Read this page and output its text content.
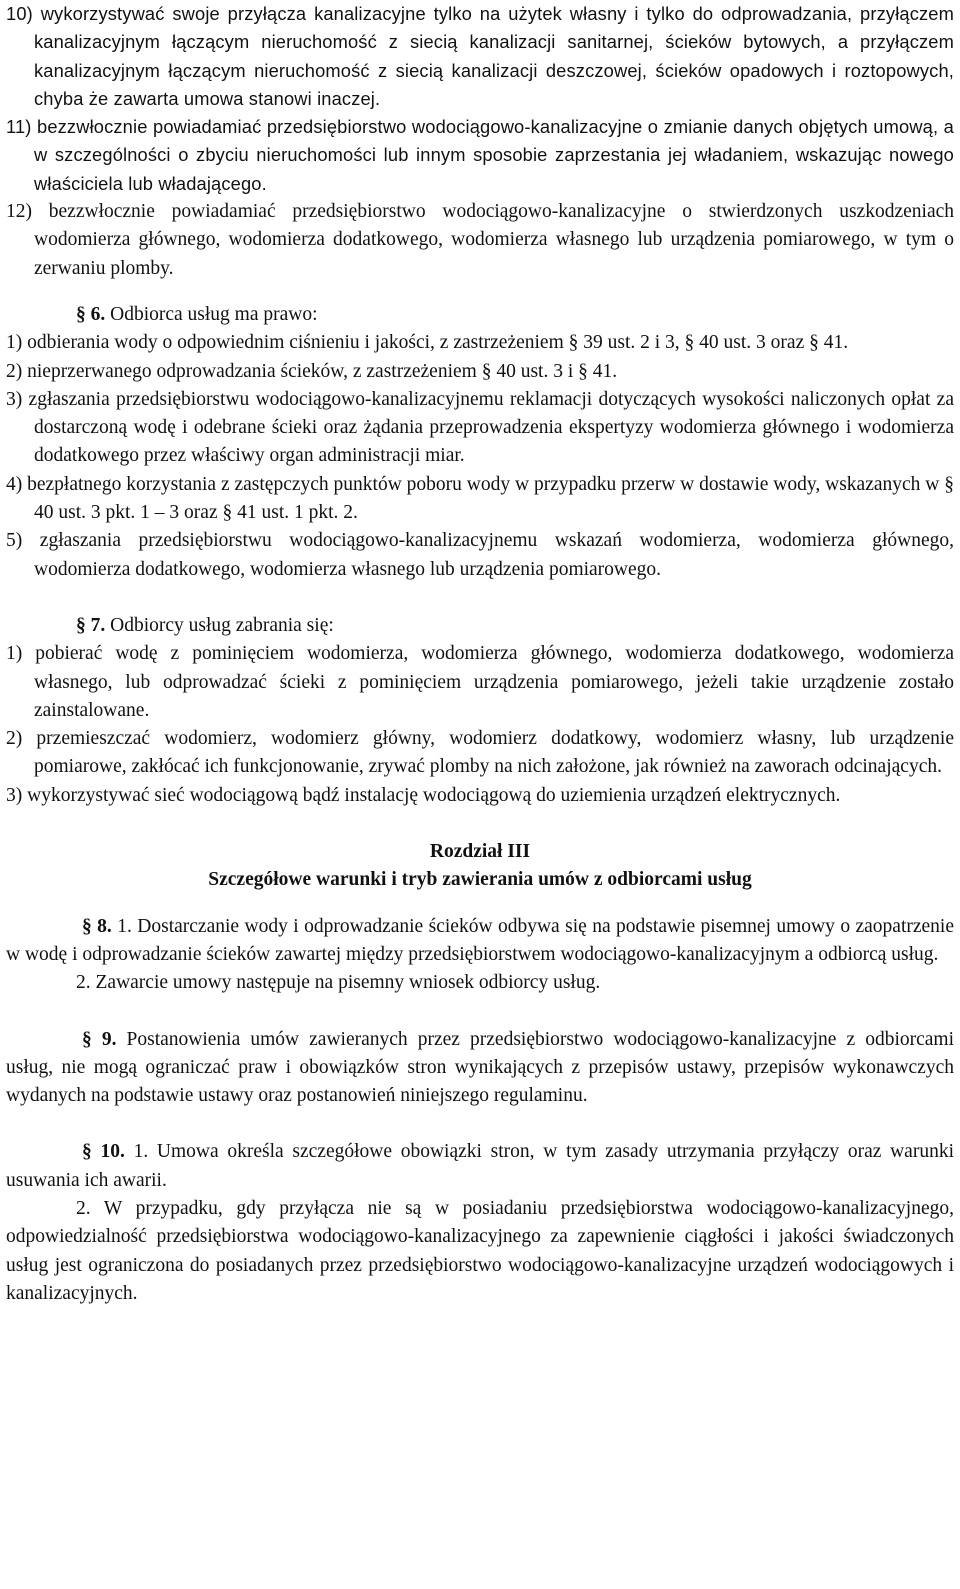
10) wykorzystywać swoje przyłącza kanalizacyjne tylko na użytek własny i tylko do odprowadzania, przyłączem kanalizacyjnym łączącym nieruchomość z siecią kanalizacji sanitarnej, ścieków bytowych, a przyłączem kanalizacyjnym łączącym nieruchomość z siecią kanalizacji deszczowej, ścieków opadowych i roztopowych, chyba że zawarta umowa stanowi inaczej.

11) bezzwłocznie powiadamiać przedsiębiorstwo wodociągowo-kanalizacyjne o zmianie danych objętych umową, a w szczególności o zbyciu nieruchomości lub innym sposobie zaprzestania jej władaniem, wskazując nowego właściciela lub władającego.

12) bezzwłocznie powiadamiać przedsiębiorstwo wodociągowo-kanalizacyjne o stwierdzonych uszkodzeniach wodomierza głównego, wodomierza dodatkowego, wodomierza własnego lub urządzenia pomiarowego, w tym o zerwaniu plomby.

§ 6. Odbiorca usług ma prawo:

1) odbierania wody o odpowiednim ciśnieniu i jakości, z zastrzeżeniem § 39 ust. 2 i 3, § 40 ust. 3 oraz § 41.

2) nieprzerwanego odprowadzania ścieków, z zastrzeżeniem § 40 ust. 3 i § 41.

3) zgłaszania przedsiębiorstwu wodociągowo-kanalizacyjnemu reklamacji dotyczących wysokości naliczonych opłat za dostarczoną wodę i odebrane ścieki oraz żądania przeprowadzenia ekspertyzy wodomierza głównego i wodomierza dodatkowego przez właściwy organ administracji miar.

4) bezpłatnego korzystania z zastępczych punktów poboru wody w przypadku przerw w dostawie wody, wskazanych w § 40 ust. 3 pkt. 1 – 3 oraz § 41 ust. 1 pkt. 2.

5) zgłaszania przedsiębiorstwu wodociągowo-kanalizacyjnemu wskazań wodomierza, wodomierza głównego, wodomierza dodatkowego, wodomierza własnego lub urządzenia pomiarowego.

§ 7. Odbiorcy usług zabrania się:

1) pobierać wodę z pominięciem wodomierza, wodomierza głównego, wodomierza dodatkowego, wodomierza własnego, lub odprowadzać ścieki z pominięciem urządzenia pomiarowego, jeżeli takie urządzenie zostało zainstalowane.

2) przemieszczać wodomierz, wodomierz główny, wodomierz dodatkowy, wodomierz własny, lub urządzenie pomiarowe, zakłócać ich funkcjonowanie, zrywać plomby na nich założone, jak również na zaworach odcinających.

3) wykorzystywać sieć wodociągową bądź instalację wodociągową do uziemienia urządzeń elektrycznych.

Rozdział III

Szczegółowe warunki i tryb zawierania umów z odbiorcami usług

§ 8. 1. Dostarczanie wody i odprowadzanie ścieków odbywa się na podstawie pisemnej umowy o zaopatrzenie w wodę i odprowadzanie ścieków zawartej między przedsiębiorstwem wodociągowo-kanalizacyjnym a odbiorcą usług.

2. Zawarcie umowy następuje na pisemny wniosek odbiorcy usług.

§ 9. Postanowienia umów zawieranych przez przedsiębiorstwo wodociągowo-kanalizacyjne z odbiorcami usług, nie mogą ograniczać praw i obowiązków stron wynikających z przepisów ustawy, przepisów wykonawczych wydanych na podstawie ustawy oraz postanowień niniejszego regulaminu.

§ 10. 1. Umowa określa szczegółowe obowiązki stron, w tym zasady utrzymania przyłączy oraz warunki usuwania ich awarii.

2. W przypadku, gdy przyłącza nie są w posiadaniu przedsiębiorstwa wodociągowo-kanalizacyjnego, odpowiedzialność przedsiębiorstwa wodociągowo-kanalizacyjnego za zapewnienie ciągłości i jakości świadczonych usług jest ograniczona do posiadanych przez przedsiębiorstwo wodociągowo-kanalizacyjne urządzeń wodociągowych i kanalizacyjnych.
